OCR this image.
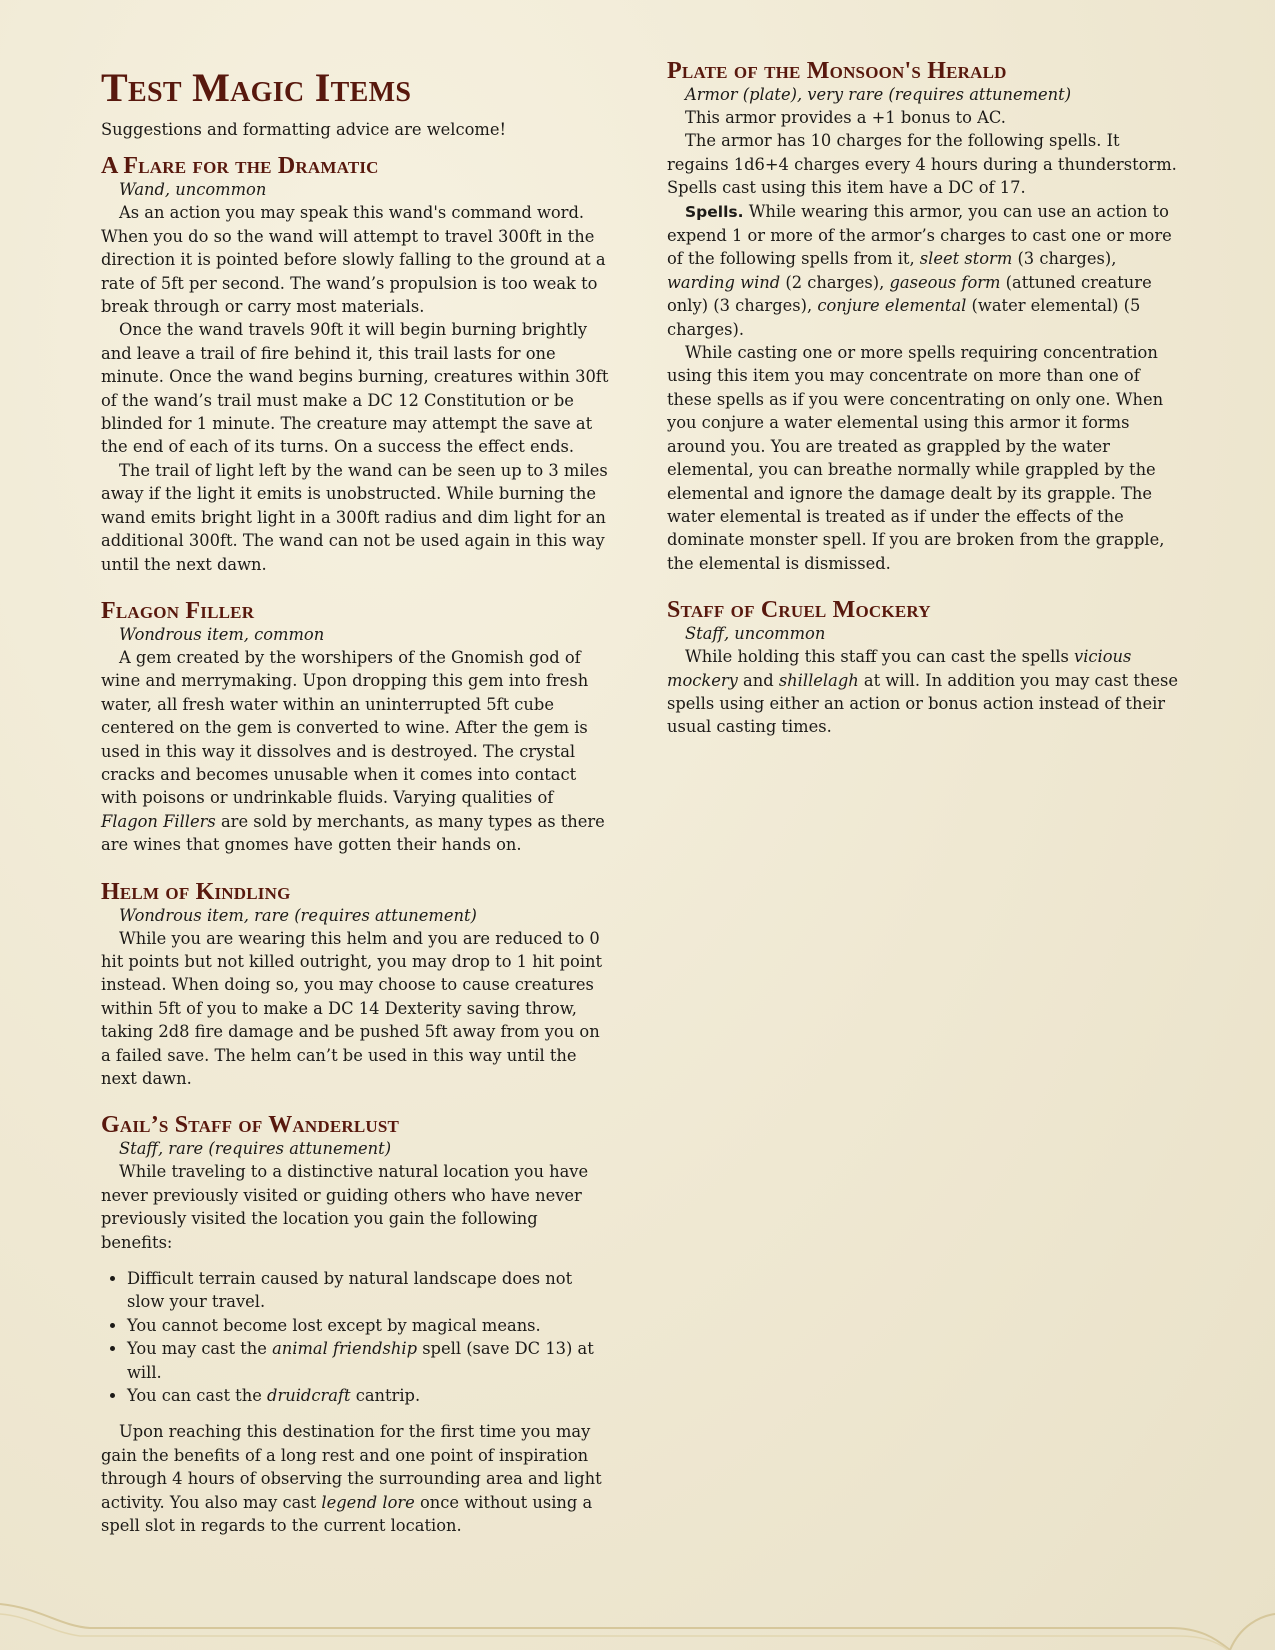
Test Magic Items

Suggestions and formatting advice are welcome!

A Flare for the Dramatic

Wand, uncommon

As an action you may speak this wand's command word. When you do so the wand will attempt to travel 300ft in the direction it is pointed before slowly falling to the ground at a rate of 5ft per second. The wand’s propulsion is too weak to break through or carry most materials.

Once the wand travels 90ft it will begin burning brightly and leave a trail of fire behind it, this trail lasts for one minute. Once the wand begins burning, creatures within 30ft of the wand’s trail must make a DC 12 Constitution or be blinded for 1 minute. The creature may attempt the save at the end of each of its turns. On a success the effect ends.

The trail of light left by the wand can be seen up to 3 miles away if the light it emits is unobstructed. While burning the wand emits bright light in a 300ft radius and dim light for an additional 300ft. The wand can not be used again in this way until the next dawn.

Flagon Filler

Wondrous item, common

A gem created by the worshipers of the Gnomish god of wine and merrymaking. Upon dropping this gem into fresh water, all fresh water within an uninterrupted 5ft cube centered on the gem is converted to wine. After the gem is used in this way it dissolves and is destroyed. The crystal cracks and becomes unusable when it comes into contact with poisons or undrinkable fluids. Varying qualities of Flagon Fillers are sold by merchants, as many types as there are wines that gnomes have gotten their hands on.

Helm of Kindling

Wondrous item, rare (requires attunement)

While you are wearing this helm and you are reduced to 0 hit points but not killed outright, you may drop to 1 hit point instead. When doing so, you may choose to cause creatures within 5ft of you to make a DC 14 Dexterity saving throw, taking 2d8 fire damage and be pushed 5ft away from you on a failed save. The helm can’t be used in this way until the next dawn.

Gail’s Staff of Wanderlust

Staff, rare (requires attunement)

While traveling to a distinctive natural location you have never previously visited or guiding others who have never previously visited the location you gain the following benefits:

• Difficult terrain caused by natural landscape does not slow your travel.
• You cannot become lost except by magical means.
• You may cast the animal friendship spell (save DC 13) at will.
• You can cast the druidcraft cantrip.

Upon reaching this destination for the first time you may gain the benefits of a long rest and one point of inspiration through 4 hours of observing the surrounding area and light activity. You also may cast legend lore once without using a spell slot in regards to the current location.

Plate of the Monsoon's Herald

Armor (plate), very rare (requires attunement)

This armor provides a +1 bonus to AC.

The armor has 10 charges for the following spells. It regains 1d6+4 charges every 4 hours during a thunderstorm. Spells cast using this item have a DC of 17.

Spells. While wearing this armor, you can use an action to expend 1 or more of the armor’s charges to cast one or more of the following spells from it, sleet storm (3 charges), warding wind (2 charges), gaseous form (attuned creature only) (3 charges), conjure elemental (water elemental) (5 charges).

While casting one or more spells requiring concentration using this item you may concentrate on more than one of these spells as if you were concentrating on only one. When you conjure a water elemental using this armor it forms around you. You are treated as grappled by the water elemental, you can breathe normally while grappled by the elemental and ignore the damage dealt by its grapple. The water elemental is treated as if under the effects of the dominate monster spell. If you are broken from the grapple, the elemental is dismissed.

Staff of Cruel Mockery

Staff, uncommon

While holding this staff you can cast the spells vicious mockery and shillelagh at will. In addition you may cast these spells using either an action or bonus action instead of their usual casting times.
